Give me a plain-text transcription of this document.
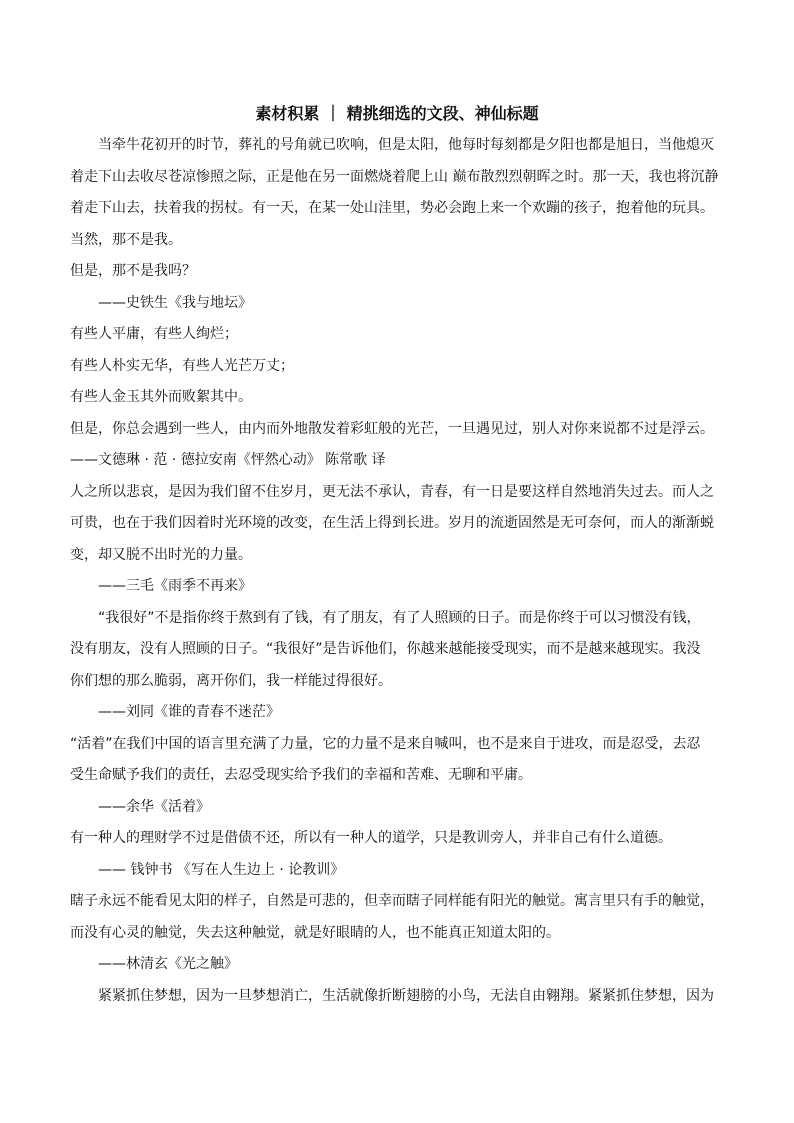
素材积累 ｜ 精挑细选的文段、神仙标题
当牵牛花初开的时节，葬礼的号角就已吹响，但是太阳，他每时每刻都是夕阳也都是旭日，当他熄灭
着走下山去收尽苍凉惨照之际，正是他在另一面燃烧着爬上山 巅布散烈烈朝晖之时。那一天，我也将沉静
着走下山去，扶着我的拐杖。有一天，在某一处山洼里，势必会跑上来一个欢蹦的孩子，抱着他的玩具。
当然，那不是我。
但是，那不是我吗？
——史铁生《我与地坛》
有些人平庸，有些人绚烂；
有些人朴实无华，有些人光芒万丈；
有些人金玉其外而败絮其中。
但是，你总会遇到一些人，由内而外地散发着彩虹般的光芒，一旦遇见过，别人对你来说都不过是浮云。
——文德琳 · 范 · 德拉安南《怦然心动》 陈常歌 译
人之所以悲哀，是因为我们留不住岁月，更无法不承认，青春，有一日是要这样自然地消失过去。而人之
可贵，也在于我们因着时光环境的改变，在生活上得到长进。岁月的流逝固然是无可奈何，而人的渐渐蜕
变，却又脱不出时光的力量。
——三毛《雨季不再来》
“我很好”不是指你终于熬到有了钱，有了朋友，有了人照顾的日子。而是你终于可以习惯没有钱，
没有朋友，没有人照顾的日子。“我很好”是告诉他们，你越来越能接受现实，而不是越来越现实。我没
你们想的那么脆弱，离开你们，我一样能过得很好。
——刘同《谁的青春不迷茫》
“活着”在我们中国的语言里充满了力量，它的力量不是来自喊叫，也不是来自于进攻，而是忍受，去忍
受生命赋予我们的责任，去忍受现实给予我们的幸福和苦难、无聊和平庸。
——余华《活着》
有一种人的理财学不过是借债不还，所以有一种人的道学，只是教训旁人，并非自己有什么道德。
—— 钱钟书 《写在人生边上 · 论教训》
瞎子永远不能看见太阳的样子，自然是可悲的，但幸而瞎子同样能有阳光的触觉。寓言里只有手的触觉，
而没有心灵的触觉，失去这种触觉，就是好眼睛的人，也不能真正知道太阳的。
——林清玄《光之触》
紧紧抓住梦想，因为一旦梦想消亡，生活就像折断翅膀的小鸟，无法自由翱翔。紧紧抓住梦想，因为
